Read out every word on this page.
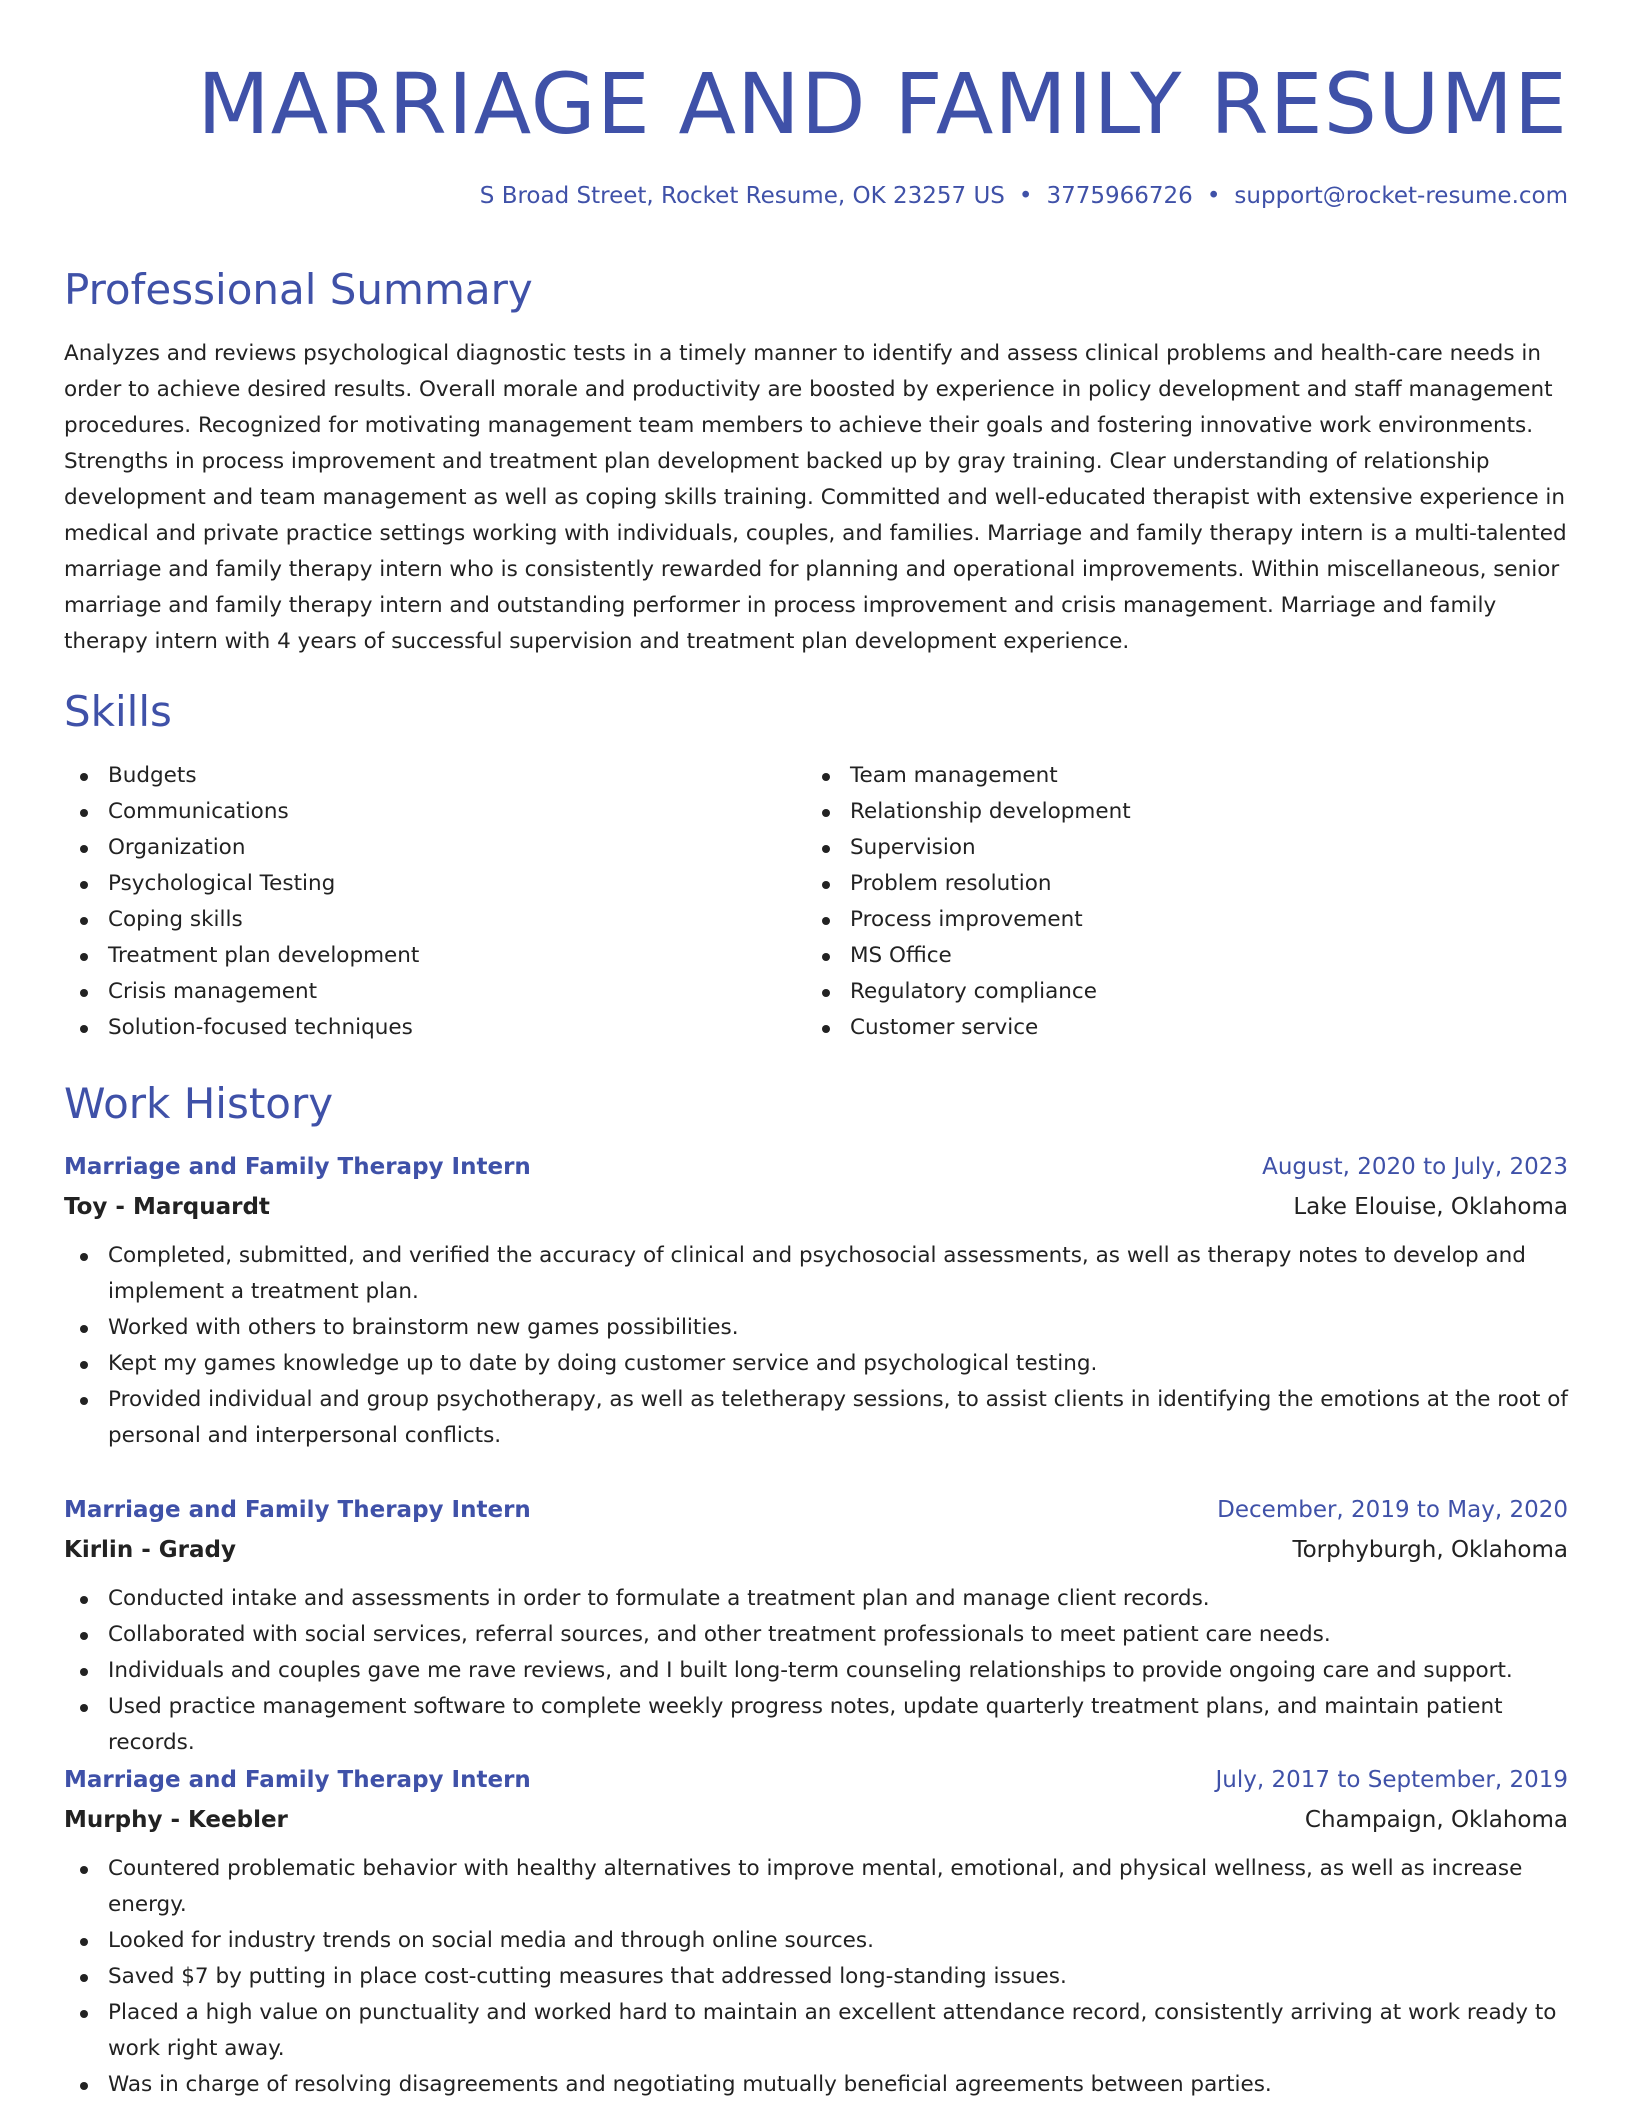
MARRIAGE AND FAMILY RESUME
S Broad Street, Rocket Resume, OK 23257 US • 3775966726 • support@rocket-resume.com
Professional Summary

Analyzes and reviews psychological diagnostic tests in a timely manner to identify and assess clinical problems and health-care needs in order to achieve desired results. Overall morale and productivity are boosted by experience in policy development and staff management procedures. Recognized for motivating management team members to achieve their goals and fostering innovative work environments. Strengths in process improvement and treatment plan development backed up by gray training. Clear understanding of relationship development and team management as well as coping skills training. Committed and well-educated therapist with extensive experience in medical and private practice settings working with individuals, couples, and families. Marriage and family therapy intern is a multi-talented marriage and family therapy intern who is consistently rewarded for planning and operational improvements. Within miscellaneous, senior marriage and family therapy intern and outstanding performer in process improvement and crisis management. Marriage and family therapy intern with 4 years of successful supervision and treatment plan development experience.

Skills
Budgets
Communications
Organization
Psychological Testing
Coping skills
Treatment plan development
Crisis management
Solution-focused techniques
Team management
Relationship development
Supervision
Problem resolution
Process improvement
MS Office
Regulatory compliance
Customer service
Work History
Marriage and Family Therapy Intern	August, 2020 to July, 2023
Toy - Marquardt	Lake Elouise, Oklahoma
Completed, submitted, and verified the accuracy of clinical and psychosocial assessments, as well as therapy notes to develop and implement a treatment plan.
Worked with others to brainstorm new games possibilities.
Kept my games knowledge up to date by doing customer service and psychological testing.
Provided individual and group psychotherapy, as well as teletherapy sessions, to assist clients in identifying the emotions at the root of personal and interpersonal conflicts.
Marriage and Family Therapy Intern	December, 2019 to May, 2020
Kirlin - Grady	Torphyburgh, Oklahoma
Conducted intake and assessments in order to formulate a treatment plan and manage client records.
Collaborated with social services, referral sources, and other treatment professionals to meet patient care needs.
Individuals and couples gave me rave reviews, and I built long-term counseling relationships to provide ongoing care and support.
Used practice management software to complete weekly progress notes, update quarterly treatment plans, and maintain patient records.
Marriage and Family Therapy Intern	July, 2017 to September, 2019
Murphy - Keebler	Champaign, Oklahoma
Countered problematic behavior with healthy alternatives to improve mental, emotional, and physical wellness, as well as increase energy.
Looked for industry trends on social media and through online sources.
Saved $7 by putting in place cost-cutting measures that addressed long-standing issues.
Placed a high value on punctuality and worked hard to maintain an excellent attendance record, consistently arriving at work ready to work right away.
Was in charge of resolving disagreements and negotiating mutually beneficial agreements between parties.
